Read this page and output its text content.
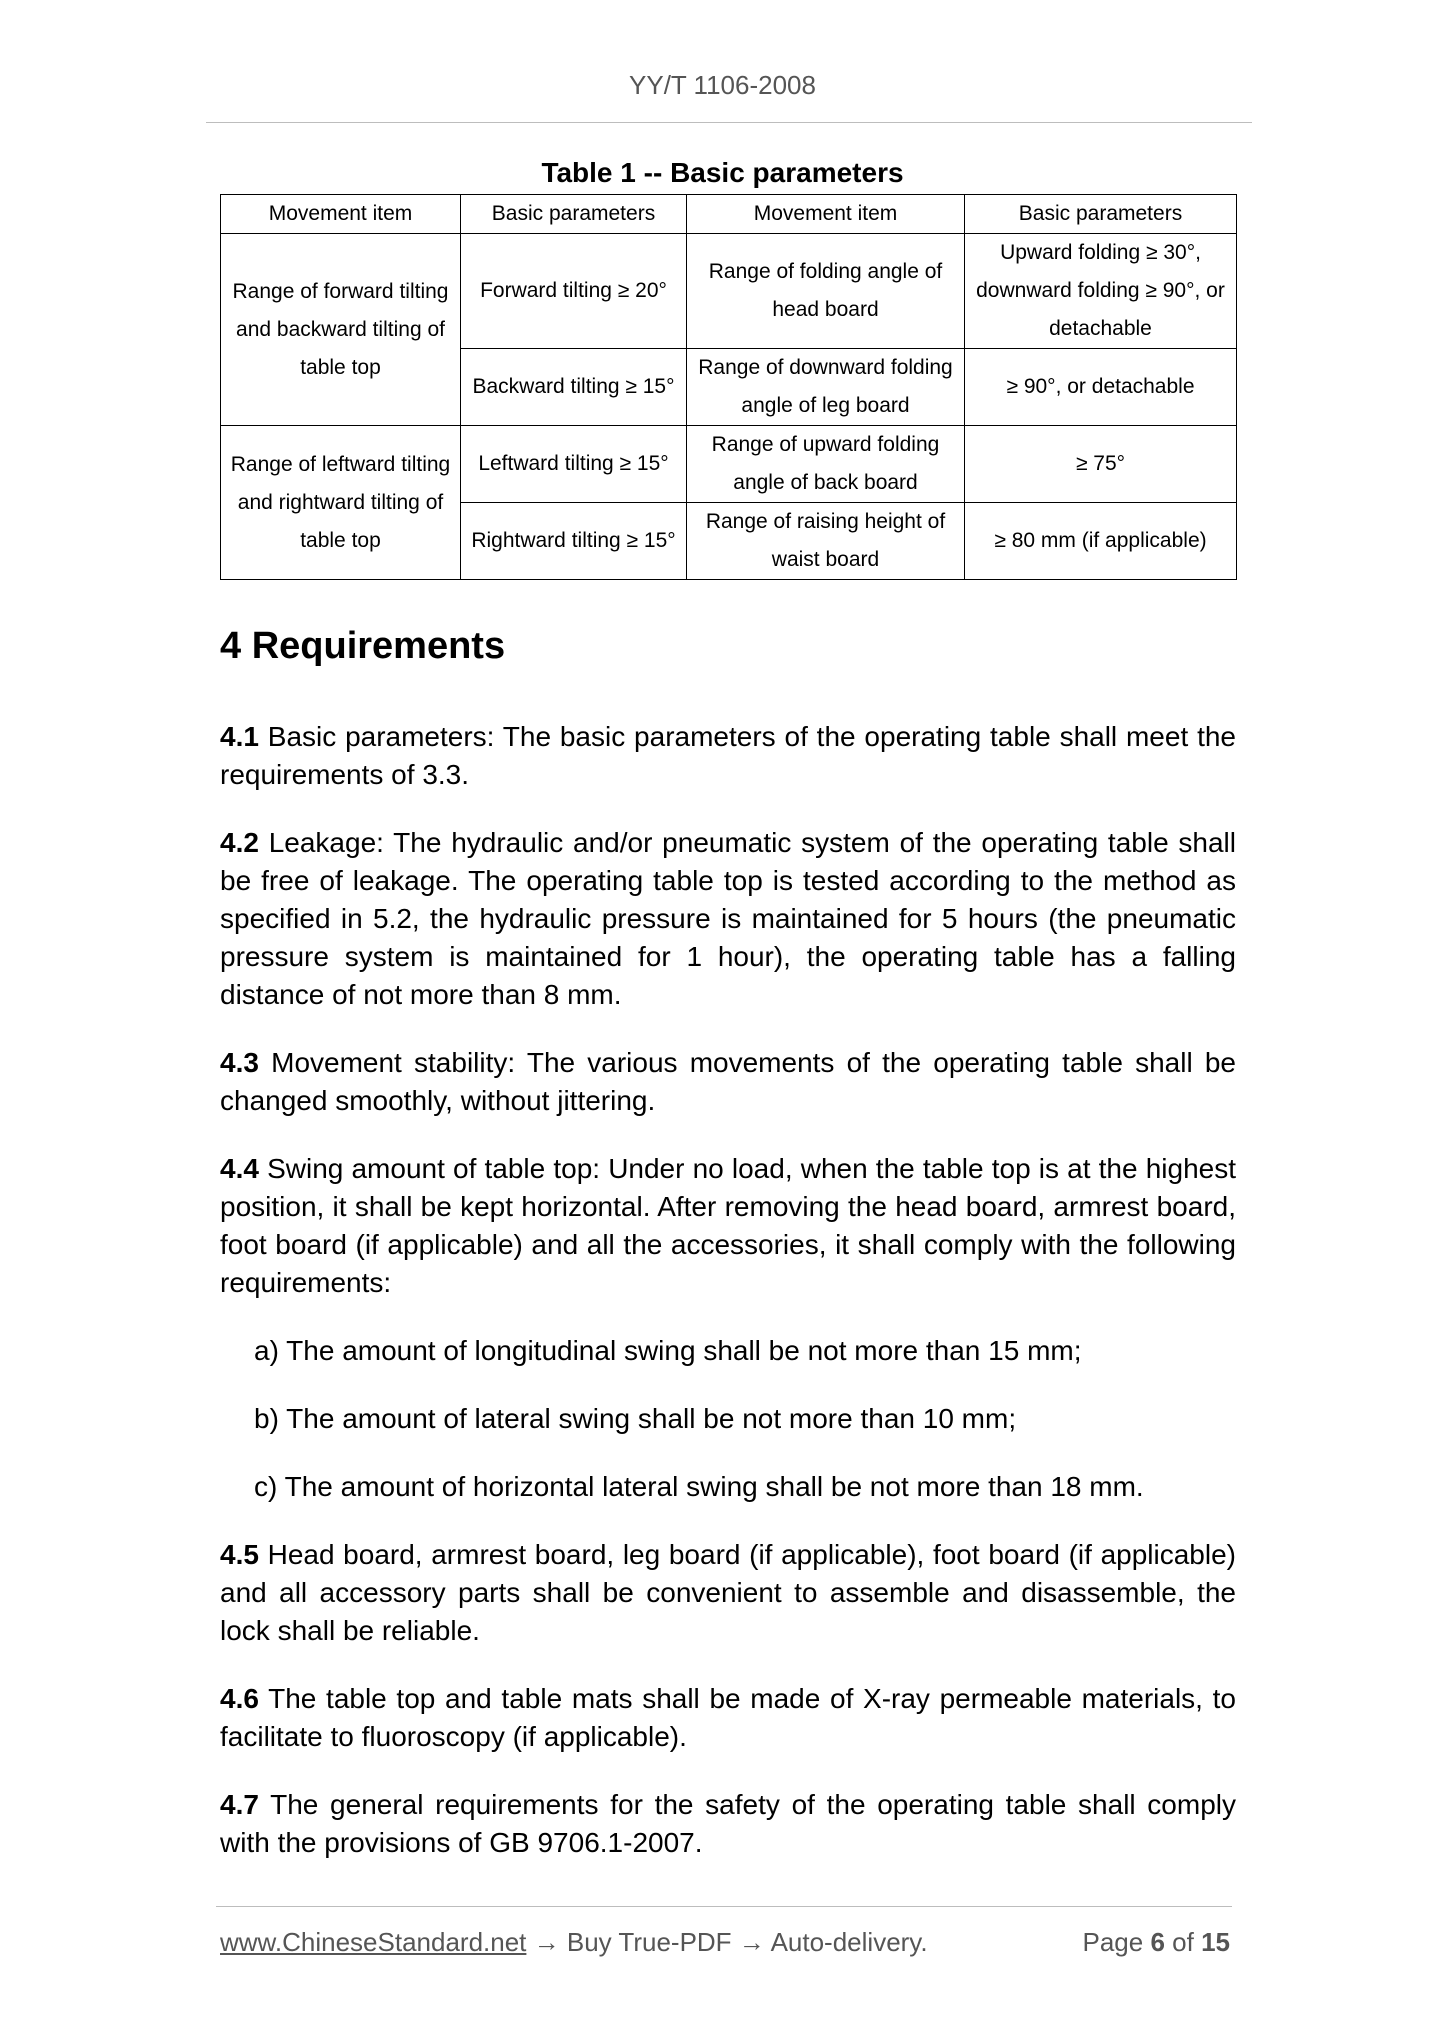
YY/T 1106-2008
Table 1 -- Basic parameters
Movement item	Basic parameters	Movement item	Basic parameters
Range of forward tilting and backward tilting of table top	Forward tilting ≥ 20°	Range of folding angle of head board	Upward folding ≥ 30°, downward folding ≥ 90°, or detachable
	Backward tilting ≥ 15°	Range of downward folding angle of leg board	≥ 90°, or detachable
Range of leftward tilting and rightward tilting of table top	Leftward tilting ≥ 15°	Range of upward folding angle of back board	≥ 75°
	Rightward tilting ≥ 15°	Range of raising height of waist board	≥ 80 mm (if applicable)
4 Requirements

4.1 Basic parameters: The basic parameters of the operating table shall meet the requirements of 3.3.

4.2 Leakage: The hydraulic and/or pneumatic system of the operating table shall be free of leakage. The operating table top is tested according to the method as specified in 5.2, the hydraulic pressure is maintained for 5 hours (the pneumatic pressure system is maintained for 1 hour), the operating table has a falling distance of not more than 8 mm.

4.3 Movement stability: The various movements of the operating table shall be changed smoothly, without jittering.

4.4 Swing amount of table top: Under no load, when the table top is at the highest position, it shall be kept horizontal. After removing the head board, armrest board, foot board (if applicable) and all the accessories, it shall comply with the following requirements:

a) The amount of longitudinal swing shall be not more than 15 mm;
b) The amount of lateral swing shall be not more than 10 mm;
c) The amount of horizontal lateral swing shall be not more than 18 mm.

4.5 Head board, armrest board, leg board (if applicable), foot board (if applicable) and all accessory parts shall be convenient to assemble and disassemble, the lock shall be reliable.

4.6 The table top and table mats shall be made of X-ray permeable materials, to facilitate to fluoroscopy (if applicable).

4.7 The general requirements for the safety of the operating table shall comply with the provisions of GB 9706.1-2007.

www.ChineseStandard.net → Buy True-PDF → Auto-delivery.	Page 6 of 15
